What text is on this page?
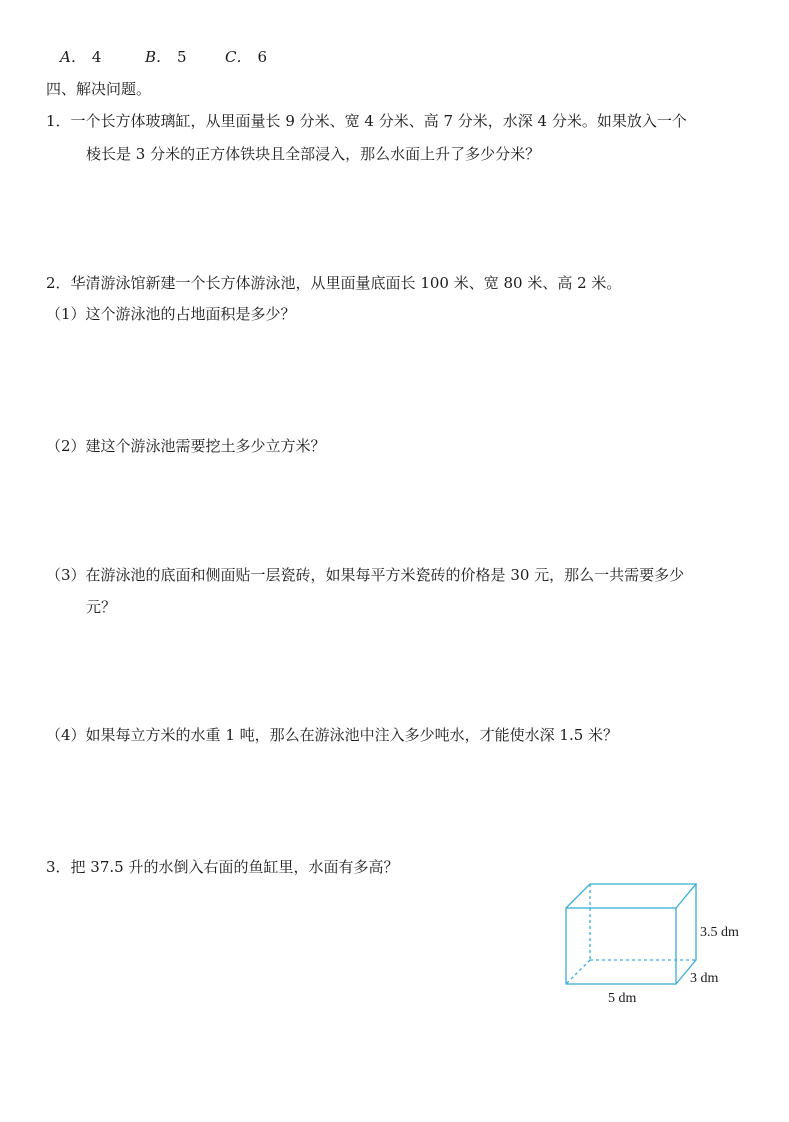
A． 4	B． 5	C． 6
四、解决问题。
1．一个长方体玻璃缸，从里面量长 9 分米、宽 4 分米、高 7 分米，水深 4 分米。如果放入一个
棱长是 3 分米的正方体铁块且全部浸入，那么水面上升了多少分米？
2．华清游泳馆新建一个长方体游泳池，从里面量底面长 100 米、宽 80 米、高 2 米。
（1）这个游泳池的占地面积是多少？
（2）建这个游泳池需要挖土多少立方米？
（3）在游泳池的底面和侧面贴一层瓷砖，如果每平方米瓷砖的价格是 30 元，那么一共需要多少
元？
（4）如果每立方米的水重 1 吨，那么在游泳池中注入多少吨水，才能使水深 1.5 米？
3．把 37.5 升的水倒入右面的鱼缸里，水面有多高？
3.5 dm
3 dm
5 dm
